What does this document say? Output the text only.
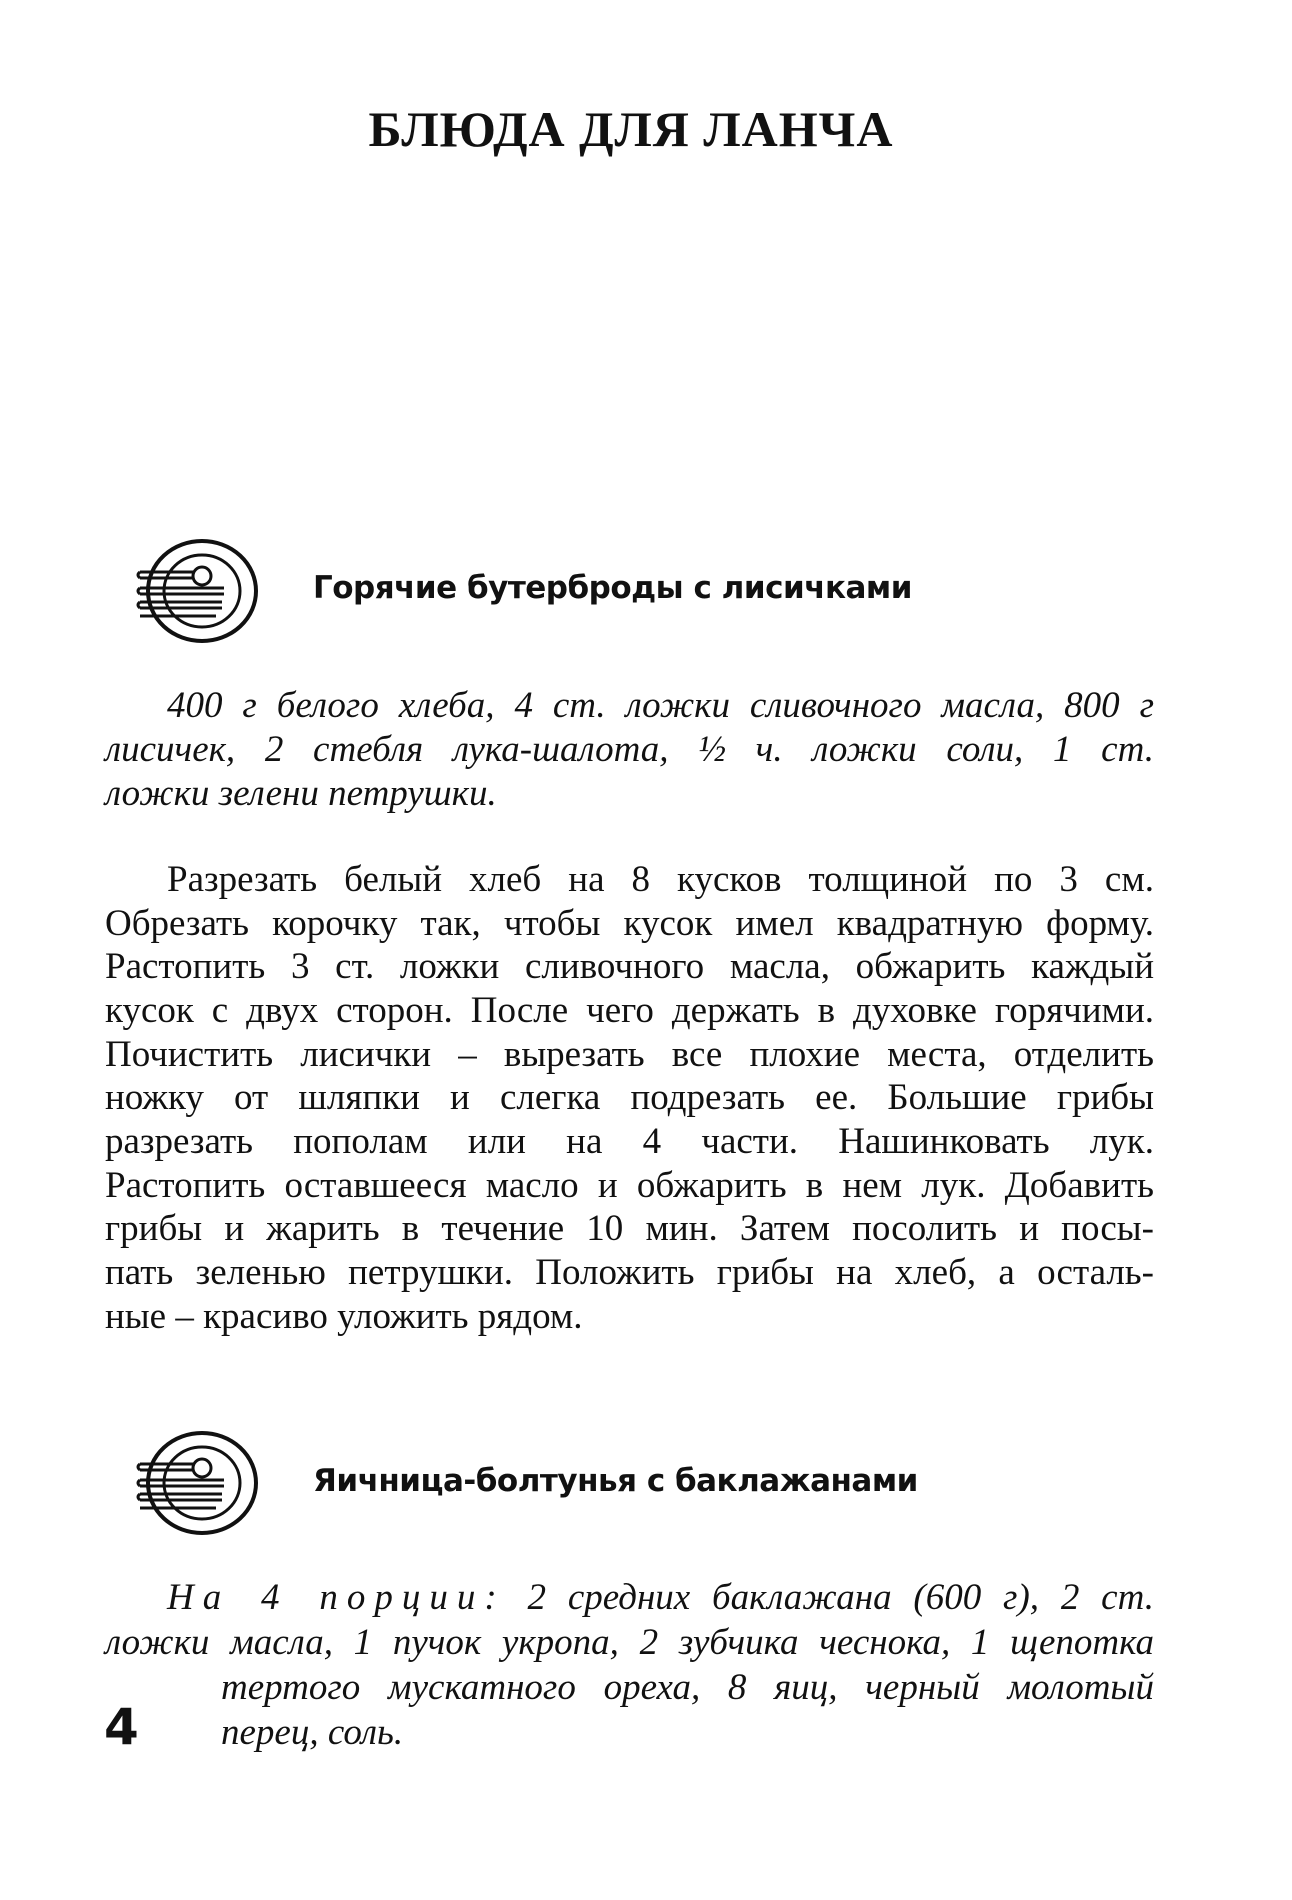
БЛЮДА ДЛЯ ЛАНЧА
Горячие бутерброды с лисичками
400 г белого хлеба, 4 ст. ложки сливочного масла, 800 г
лисичек, 2 стебля лука-шалота, ½ ч. ложки соли, 1 ст.
ложки зелени петрушки.
Разрезать белый хлеб на 8 кусков толщиной по 3 см.
Обрезать корочку так, чтобы кусок имел квадратную форму.
Растопить 3 ст. ложки сливочного масла, обжарить каждый
кусок с двух сторон. После чего держать в духовке горячими.
Почистить лисички – вырезать все плохие места, отделить
ножку от шляпки и слегка подрезать ее. Большие грибы
разрезать пополам или на 4 части. Нашинковать лук.
Растопить оставшееся масло и обжарить в нем лук. Добавить
грибы и жарить в течение 10 мин. Затем посолить и посы-
пать зеленью петрушки. Положить грибы на хлеб, а осталь-
ные – красиво уложить рядом.
Яичница-болтунья с баклажанами
На 4 порции: 2 средних баклажана (600 г), 2 ст.
ложки масла, 1 пучок укропа, 2 зубчика чеснока, 1 щепотка
тертого мускатного ореха, 8 яиц, черный молотый
перец, соль.
4
